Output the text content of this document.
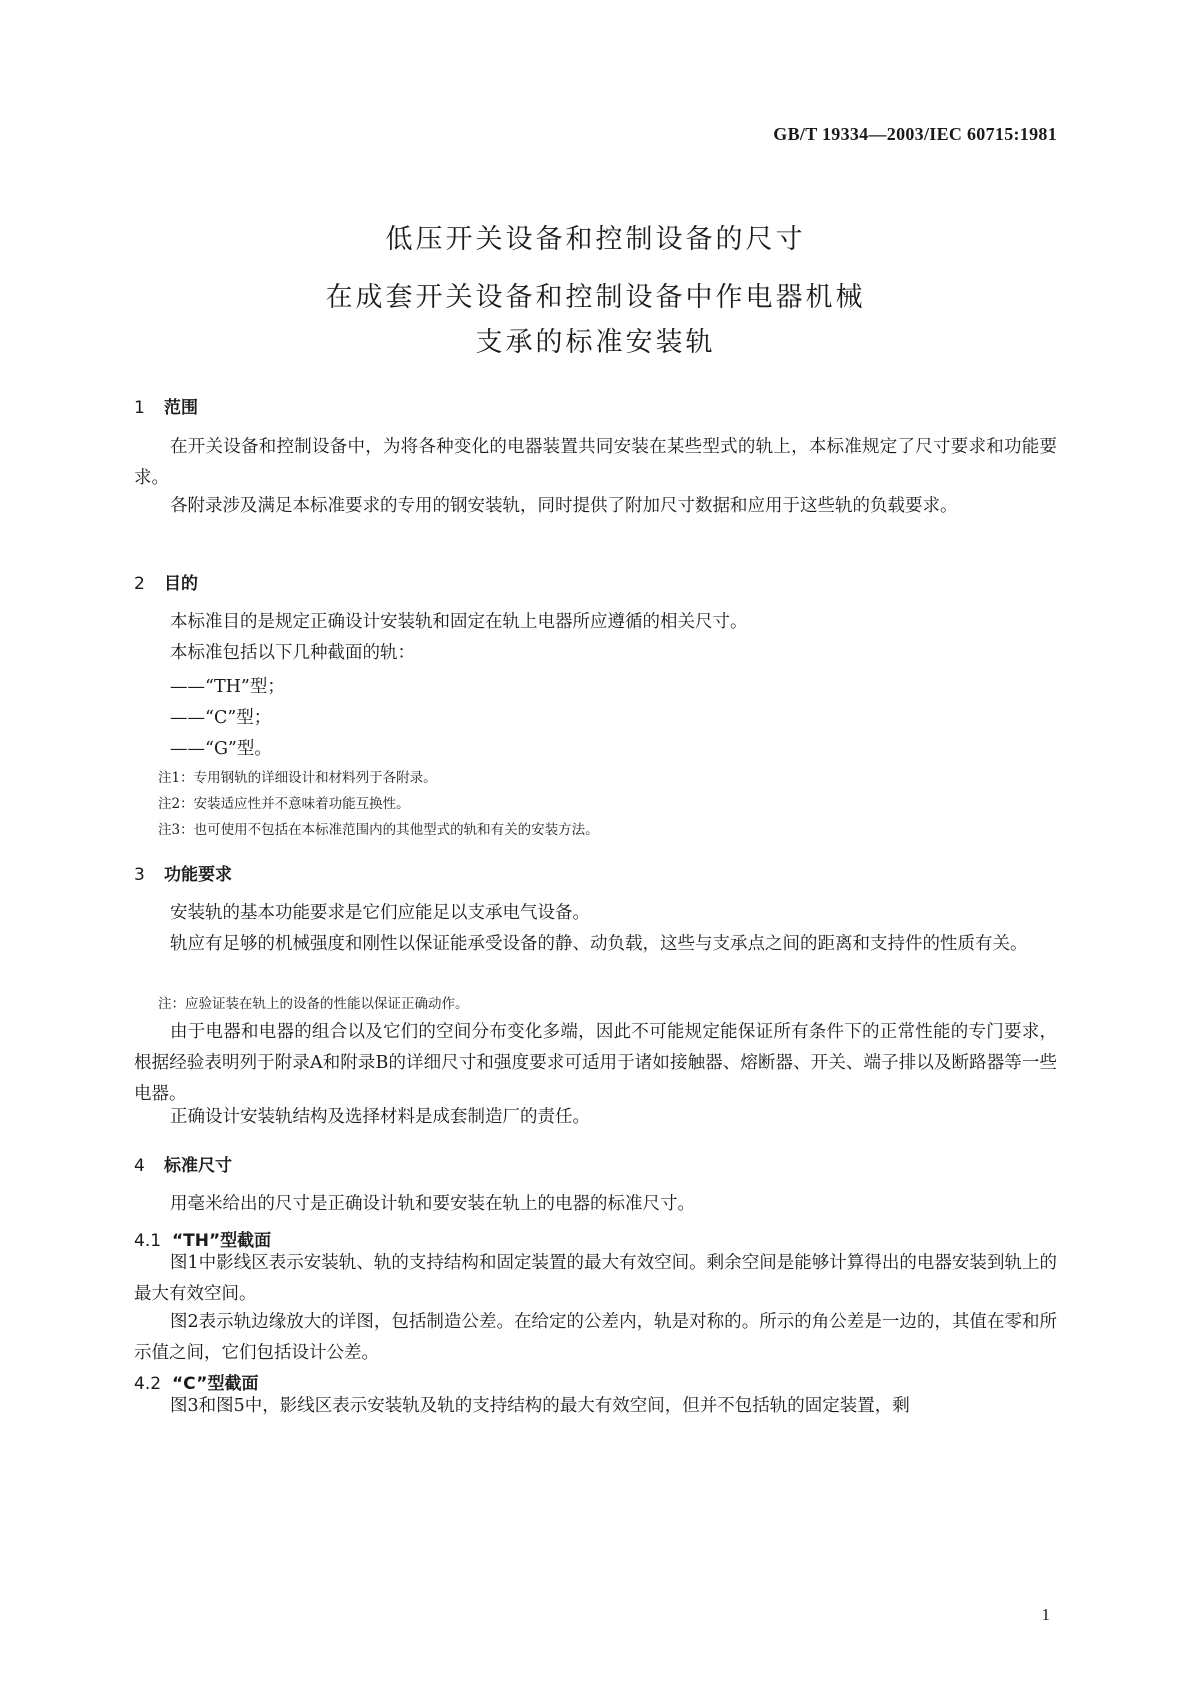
GB/T 19334—2003/IEC 60715:1981
低压开关设备和控制设备的尺寸
在成套开关设备和控制设备中作电器机械
支承的标准安装轨
1 范围
在开关设备和控制设备中，为将各种变化的电器装置共同安装在某些型式的轨上，本标准规定了尺寸要求和功能要求。
各附录涉及满足本标准要求的专用的钢安装轨，同时提供了附加尺寸数据和应用于这些轨的负载要求。
2 目的
本标准目的是规定正确设计安装轨和固定在轨上电器所应遵循的相关尺寸。
本标准包括以下几种截面的轨：
——“TH”型；
——“C”型；
——“G”型。
注1：专用钢轨的详细设计和材料列于各附录。
注2：安装适应性并不意味着功能互换性。
注3：也可使用不包括在本标准范围内的其他型式的轨和有关的安装方法。
3 功能要求
安装轨的基本功能要求是它们应能足以支承电气设备。
轨应有足够的机械强度和刚性以保证能承受设备的静、动负载，这些与支承点之间的距离和支持件的性质有关。
注：应验证装在轨上的设备的性能以保证正确动作。
由于电器和电器的组合以及它们的空间分布变化多端，因此不可能规定能保证所有条件下的正常性能的专门要求，根据经验表明列于附录A和附录B的详细尺寸和强度要求可适用于诸如接触器、熔断器、开关、端子排以及断路器等一些电器。
正确设计安装轨结构及选择材料是成套制造厂的责任。
4 标准尺寸
用毫米给出的尺寸是正确设计轨和要安装在轨上的电器的标准尺寸。
4.1 “TH”型截面
图1中影线区表示安装轨、轨的支持结构和固定装置的最大有效空间。剩余空间是能够计算得出的电器安装到轨上的最大有效空间。
图2表示轨边缘放大的详图，包括制造公差。在给定的公差内，轨是对称的。所示的角公差是一边的，其值在零和所示值之间，它们包括设计公差。
4.2 “C”型截面
图3和图5中，影线区表示安装轨及轨的支持结构的最大有效空间，但并不包括轨的固定装置，剩
1
